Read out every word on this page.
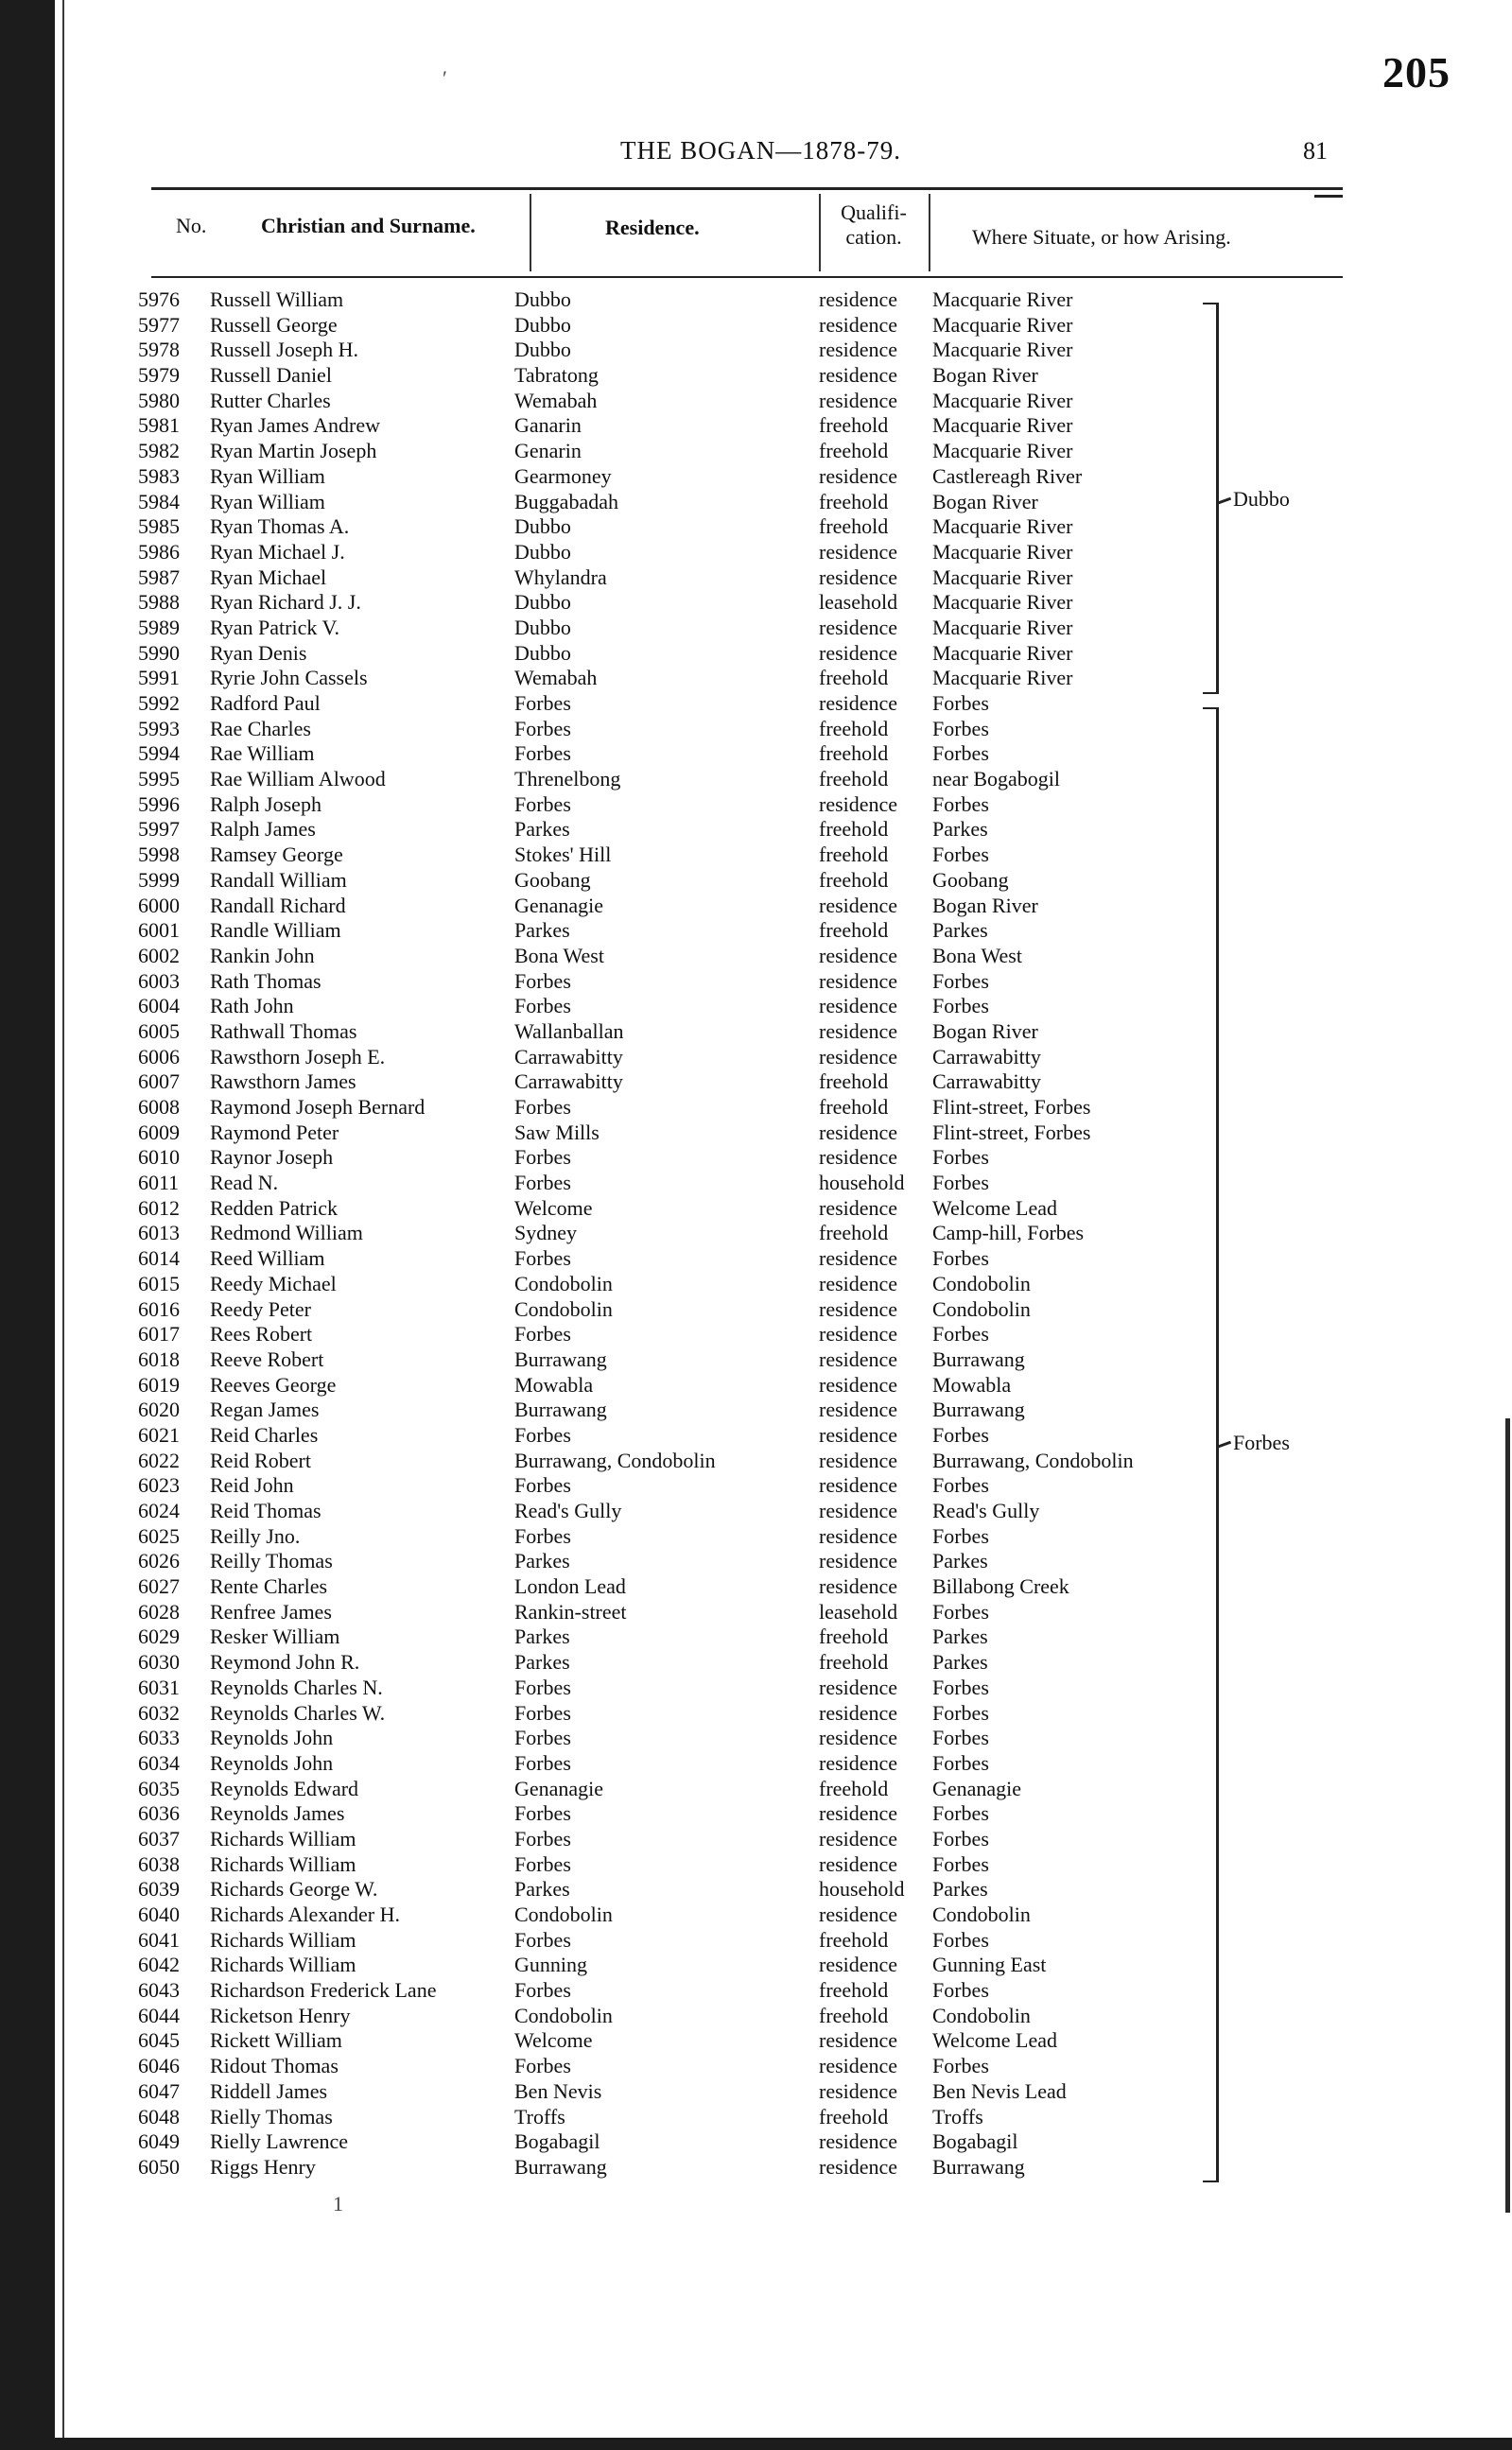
205
THE BOGAN—1878-79.	81
′
No.	Christian and Surname.	Residence.
Qualifi- cation.	Where Situate, or how Arising.
5976 Russell William	Dubbo	residence Macquarie River
5977 Russell George	Dubbo	residence Macquarie River
5978 Russell Joseph H.	Dubbo	residence Macquarie River
5979 Russell Daniel	Tabratong	residence Bogan River
5980 Rutter Charles	Wemabah	residence Macquarie River
5981 Ryan James Andrew	Ganarin	freehold Macquarie River
5982 Ryan Martin Joseph	Genarin	freehold Macquarie River
5983 Ryan William	Gearmoney	residence Castlereagh River
5984 Ryan William	Buggabadah	freehold Bogan River
5985 Ryan Thomas A.	Dubbo	freehold Macquarie River
5986 Ryan Michael J.	Dubbo	residence Macquarie River
5987 Ryan Michael	Whylandra	residence Macquarie River
5988 Ryan Richard J. J.	Dubbo	leasehold Macquarie River
5989 Ryan Patrick V.	Dubbo	residence Macquarie River
5990 Ryan Denis	Dubbo	residence Macquarie River
5991 Ryrie John Cassels	Wemabah	freehold Macquarie River
5992 Radford Paul	Forbes	residence Forbes
5993 Rae Charles	Forbes	freehold Forbes
5994 Rae William	Forbes	freehold Forbes
5995 Rae William Alwood	Threnelbong	freehold near Bogabogil
5996 Ralph Joseph	Forbes	residence Forbes
5997 Ralph James	Parkes	freehold Parkes
5998 Ramsey George	Stokes' Hill	freehold Forbes
5999 Randall William	Goobang	freehold Goobang
6000 Randall Richard	Genanagie	residence Bogan River
6001 Randle William	Parkes	freehold Parkes
6002 Rankin John	Bona West	residence Bona West
6003 Rath Thomas	Forbes	residence Forbes
6004 Rath John	Forbes	residence Forbes
6005 Rathwall Thomas	Wallanballan	residence Bogan River
6006 Rawsthorn Joseph E.	Carrawabitty	residence Carrawabitty
6007 Rawsthorn James	Carrawabitty	freehold Carrawabitty
6008 Raymond Joseph Bernard	Forbes	freehold Flint-street, Forbes
6009 Raymond Peter	Saw Mills	residence Flint-street, Forbes
6010 Raynor Joseph	Forbes	residence Forbes
6011 Read N.	Forbes	household Forbes
6012 Redden Patrick	Welcome	residence Welcome Lead
6013 Redmond William	Sydney	freehold Camp-hill, Forbes
6014 Reed William	Forbes	residence Forbes
6015 Reedy Michael	Condobolin	residence Condobolin
6016 Reedy Peter	Condobolin	residence Condobolin
6017 Rees Robert	Forbes	residence Forbes
6018 Reeve Robert	Burrawang	residence Burrawang
6019 Reeves George	Mowabla	residence Mowabla
6020 Regan James	Burrawang	residence Burrawang
6021 Reid Charles	Forbes	residence Forbes
6022 Reid Robert	Burrawang, Condobolin	residence Burrawang, Condobolin
6023 Reid John	Forbes	residence Forbes
6024 Reid Thomas	Read's Gully	residence Read's Gully
6025 Reilly Jno.	Forbes	residence Forbes
6026 Reilly Thomas	Parkes	residence Parkes
6027 Rente Charles	London Lead	residence Billabong Creek
6028 Renfree James	Rankin-street	leasehold Forbes
6029 Resker William	Parkes	freehold Parkes
6030 Reymond John R.	Parkes	freehold Parkes
6031 Reynolds Charles N.	Forbes	residence Forbes
6032 Reynolds Charles W.	Forbes	residence Forbes
6033 Reynolds John	Forbes	residence Forbes
6034 Reynolds John	Forbes	residence Forbes
6035 Reynolds Edward	Genanagie	freehold Genanagie
6036 Reynolds James	Forbes	residence Forbes
6037 Richards William	Forbes	residence Forbes
6038 Richards William	Forbes	residence Forbes
6039 Richards George W.	Parkes	household Parkes
6040 Richards Alexander H.	Condobolin	residence Condobolin
6041 Richards William	Forbes	freehold Forbes
6042 Richards William	Gunning	residence Gunning East
6043 Richardson Frederick Lane	Forbes	freehold Forbes
6044 Ricketson Henry	Condobolin	freehold Condobolin
6045 Rickett William	Welcome	residence Welcome Lead
6046 Ridout Thomas	Forbes	residence Forbes
6047 Riddell James	Ben Nevis	residence Ben Nevis Lead
6048 Rielly Thomas	Troffs	freehold Troffs
6049 Rielly Lawrence	Bogabagil	residence Bogabagil
6050 Riggs Henry	Burrawang	residence Burrawang
Dubbo
Forbes
1
